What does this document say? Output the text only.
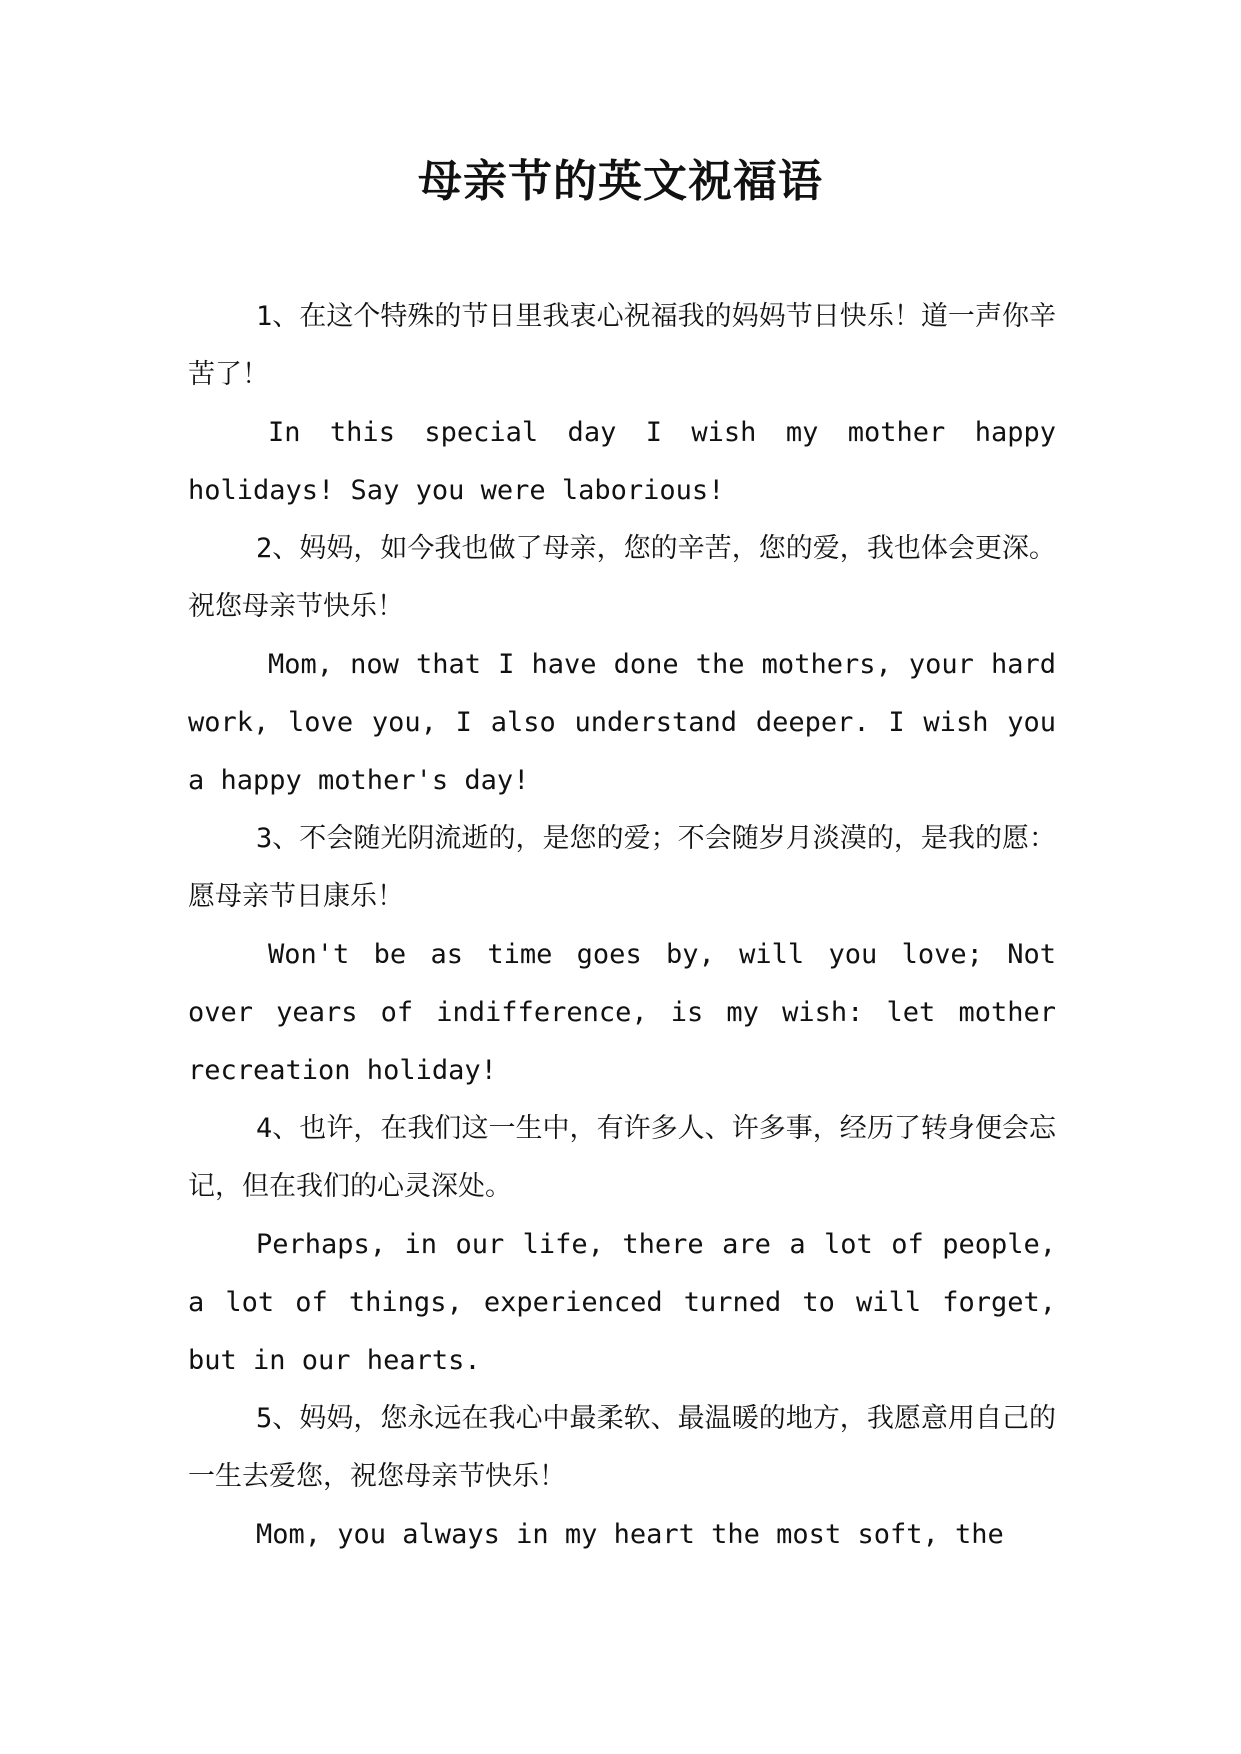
母亲节的英文祝福语

1、在这个特殊的节日里我衷心祝福我的妈妈节日快乐！道一声你辛苦了！

In this special day I wish my mother happy holidays! Say you were laborious!

2、妈妈，如今我也做了母亲，您的辛苦，您的爱，我也体会更深。祝您母亲节快乐！

Mom, now that I have done the mothers, your hard work, love you, I also understand deeper. I wish you a happy mother's day!

3、不会随光阴流逝的，是您的爱；不会随岁月淡漠的，是我的愿：愿母亲节日康乐！

Won't be as time goes by, will you love; Not over years of indifference, is my wish: let mother recreation holiday!

4、也许，在我们这一生中，有许多人、许多事，经历了转身便会忘记，但在我们的心灵深处。

Perhaps, in our life, there are a lot of people, a lot of things, experienced turned to will forget, but in our hearts.

5、妈妈，您永远在我心中最柔软、最温暖的地方，我愿意用自己的一生去爱您，祝您母亲节快乐！

Mom, you always in my heart the most soft, the
